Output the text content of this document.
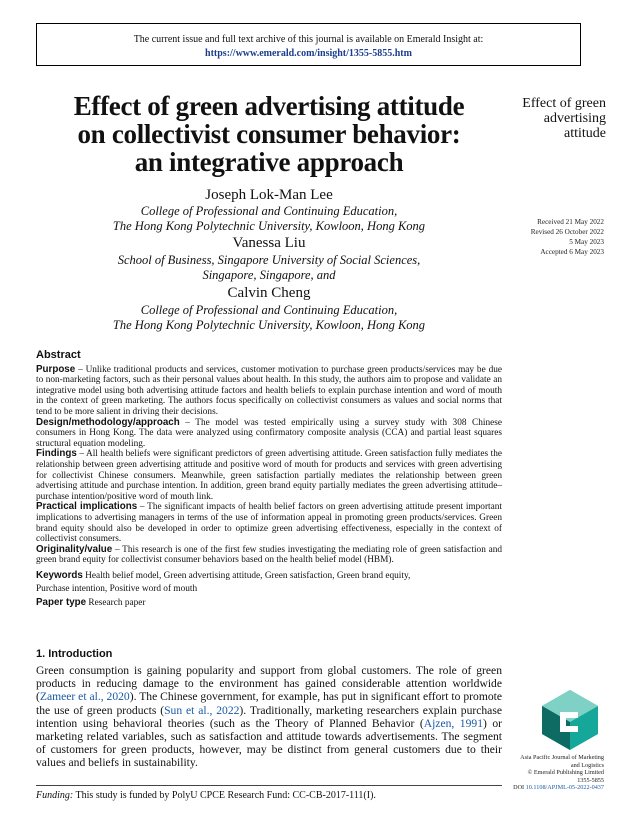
The current issue and full text archive of this journal is available on Emerald Insight at:
https://www.emerald.com/insight/1355-5855.htm
Effect of green advertising attitude
on collectivist consumer behavior:
an integrative approach
Effect of green
advertising
attitude
Joseph Lok-Man Lee
College of Professional and Continuing Education,
The Hong Kong Polytechnic University, Kowloon, Hong Kong
Vanessa Liu
School of Business, Singapore University of Social Sciences,
Singapore, Singapore, and
Calvin Cheng
College of Professional and Continuing Education,
The Hong Kong Polytechnic University, Kowloon, Hong Kong
Received 21 May 2022
Revised 26 October 2022
5 May 2023
Accepted 6 May 2023
Abstract

Purpose – Unlike traditional products and services, customer motivation to purchase green products/services may be due to non-marketing factors, such as their personal values about health. In this study, the authors aim to propose and validate an integrative model using both advertising attitude factors and health beliefs to explain purchase intention and word of mouth in the context of green marketing. The authors focus specifically on collectivist consumers as values and social norms that tend to be more salient in driving their decisions.

Design/methodology/approach – The model was tested empirically using a survey study with 308 Chinese consumers in Hong Kong. The data were analyzed using confirmatory composite analysis (CCA) and partial least squares structural equation modeling.

Findings – All health beliefs were significant predictors of green advertising attitude. Green satisfaction fully mediates the relationship between green advertising attitude and positive word of mouth for products and services with green advertising for collectivist Chinese consumers. Meanwhile, green satisfaction partially mediates the relationship between green advertising attitude and purchase intention. In addition, green brand equity partially mediates the green advertising attitude–purchase intention/positive word of mouth link.

Practical implications – The significant impacts of health belief factors on green advertising attitude present important implications to advertising managers in terms of the use of information appeal in promoting green products/services. Green brand equity should also be developed in order to optimize green advertising effectiveness, especially in the context of collectivist consumers.

Originality/value – This research is one of the first few studies investigating the mediating role of green satisfaction and green brand equity for collectivist consumer behaviors based on the health belief model (HBM).

Keywords Health belief model, Green advertising attitude, Green satisfaction, Green brand equity,
Purchase intention, Positive word of mouth

Paper type Research paper

1. Introduction

Green consumption is gaining popularity and support from global customers. The role of green products in reducing damage to the environment has gained considerable attention worldwide (Zameer et al., 2020). The Chinese government, for example, has put in significant effort to promote the use of green products (Sun et al., 2022). Traditionally, marketing researchers explain purchase intention using behavioral theories (such as the Theory of Planned Behavior (Ajzen, 1991) or marketing related variables, such as satisfaction and attitude towards advertisements. The segment of customers for green products, however, may be distinct from general customers due to their values and beliefs in sustainability.

Funding: This study is funded by PolyU CPCE Research Fund: CC-CB-2017-111(I).
Asia Pacific Journal of Marketing
and Logistics
© Emerald Publishing Limited
1355-5855
DOI 10.1108/APJML-05-2022-0437
